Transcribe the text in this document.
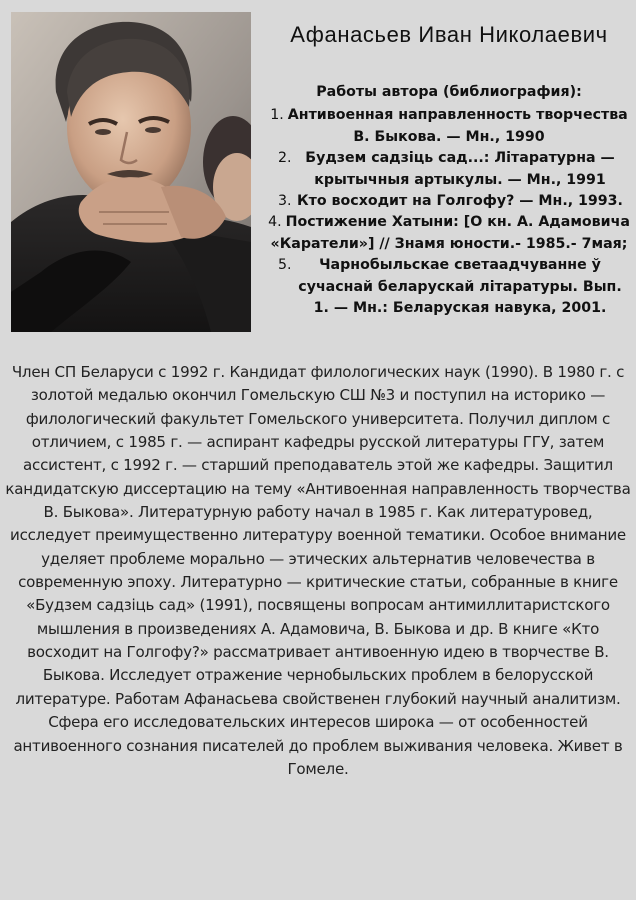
Афанасьев Иван Николаевич

Работы автора (библиография):

1. Антивоенная направленность творчества В. Быкова. — Мн., 1990
2. Будзем садзіць сад...: Літаратурна — крытычныя артыкулы. — Мн., 1991
3. Кто восходит на Голгофу? — Мн., 1993.
4. Постижение Хатыни: [О кн. А. Адамовича «Каратели»] // Знамя юности.- 1985.- 7мая;
5.	Чарнобыльскае светаадчуванне ў сучаснай беларускай літаратуры. Вып. 1. — Мн.: Беларуская навука, 2001.

Член СП Беларуси с 1992 г. Кандидат филологических наук (1990). В 1980 г. с золотой медалью окончил Гомельскую СШ №3 и поступил на историко — филологический факультет Гомельского университета. Получил диплом с отличием, с 1985 г. — аспирант кафедры русской литературы ГГУ, затем ассистент, с 1992 г. — старший преподаватель этой же кафедры. Защитил кандидатскую диссертацию на тему «Антивоенная направленность творчества В. Быкова». Литературную работу начал в 1985 г. Как литературовед, исследует преимущественно литературу военной тематики. Особое внимание уделяет проблеме морально — этических альтернатив человечества в современную эпоху. Литературно — критические статьи, собранные в книге «Будзем садзіць сад» (1991), посвящены вопросам антимиллитаристского мышления в произведениях А. Адамовича, В. Быкова и др. В книге «Кто восходит на Голгофу?» рассматривает антивоенную идею в творчестве В. Быкова. Исследует отражение чернобыльских проблем в белорусской литературе. Работам Афанасьева свойственен глубокий научный аналитизм. Сфера его исследовательских интересов широка — от особенностей антивоенного сознания писателей до проблем выживания человека. Живет в Гомеле.
